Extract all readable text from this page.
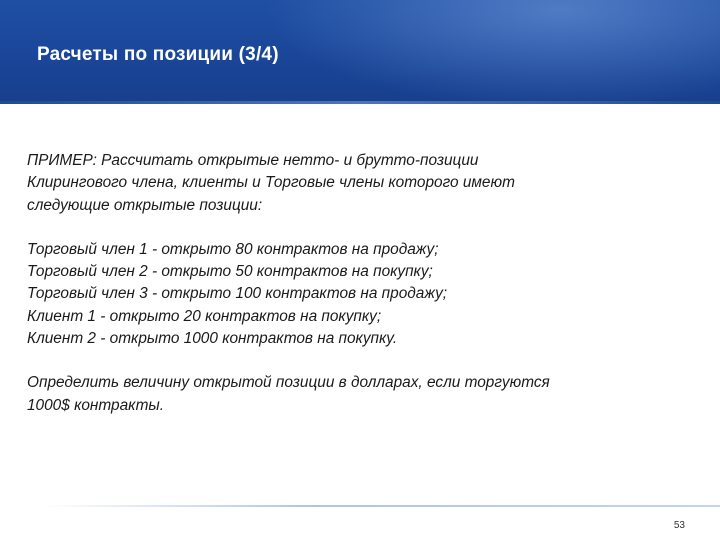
Расчеты по позиции (3/4)

ПРИМЕР: Рассчитать открытые нетто- и брутто-позиции
Клирингового члена, клиенты и Торговые члены которого имеют
следующие открытые позиции:

Торговый член 1 - открыто 80 контрактов на продажу;
Торговый член 2 - открыто 50 контрактов на покупку;
Торговый член 3 - открыто 100 контрактов на продажу;
Клиент 1 - открыто 20 контрактов на покупку;
Клиент 2 - открыто 1000 контрактов на покупку.

Определить величину открытой позиции в долларах, если торгуются
1000$ контракты.

53
